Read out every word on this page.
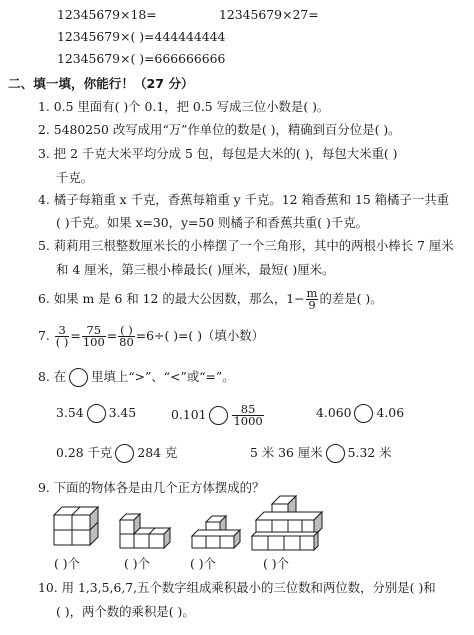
12345679×18=	12345679×27=
12345679×( )=444444444
12345679×( )=666666666
二、填一填，你能行！（27 分）
1. 0.5 里面有( )个 0.1，把 0.5 写成三位小数是( )。
2. 5480250 改写成用“万”作单位的数是( )，精确到百分位是( )。
3. 把 2 千克大米平均分成 5 包，每包是大米的( )，每包大米重( )
千克。
4. 橘子每箱重 x 千克，香蕉每箱重 y 千克。12 箱香蕉和 15 箱橘子一共重
( )千克。如果 x=30，y=50 则橘子和香蕉共重( )千克。
5. 莉莉用三根整数厘米长的小棒摆了一个三角形，其中的两根小棒长 7 厘米
和 4 厘米，第三根小棒最长( )厘米，最短( )厘米。
6. 如果 m 是 6 和 12 的最大公因数，那么，$1- \frac{m}{9}$ 的差是( )。
7. $\frac{3}{( )} = \frac{75}{100} = \frac{( )}{80} =6\div$( )=( )（填小数）
8. 在 里填上“>”、“<”或“=”。
3.54 3.45	$0.101 \frac{85}{1000}$	4.060 4.06
0.28 千克 284 克	5 米 36 厘米 5.32 米
9. 下面的物体各是由几个正方体摆成的？
( )个	( )个	( )个	( )个
10. 用 1,3,5,6,7,五个数字组成乘积最小的三位数和两位数，分别是( )和
( )，两个数的乘积是( )。
